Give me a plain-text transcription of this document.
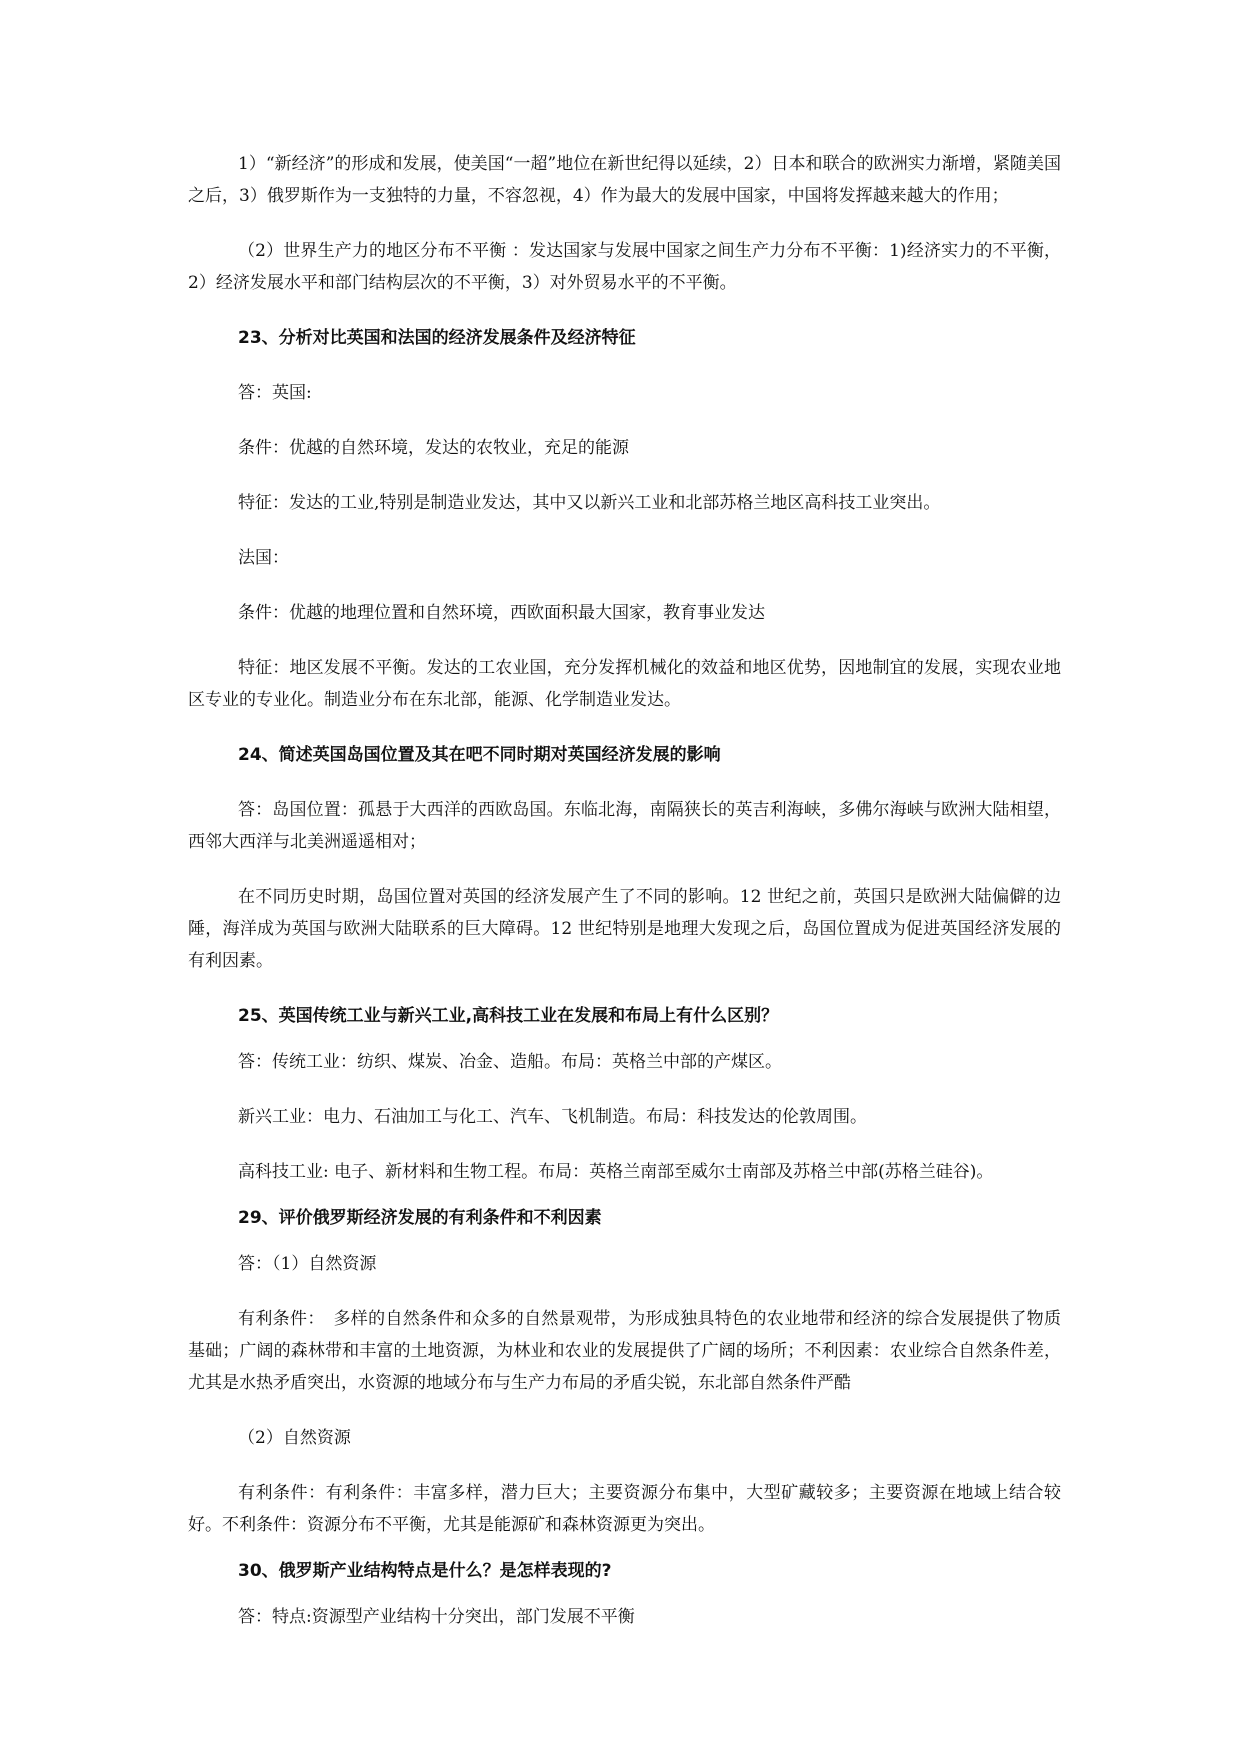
1）“新经济”的形成和发展，使美国“一超”地位在新世纪得以延续，2）日本和联合的欧洲实力渐增，紧随美国之后，3）俄罗斯作为一支独特的力量，不容忽视，4）作为最大的发展中国家，中国将发挥越来越大的作用；

（2）世界生产力的地区分布不平衡 ：发达国家与发展中国家之间生产力分布不平衡：1)经济实力的不平衡，2）经济发展水平和部门结构层次的不平衡，3）对外贸易水平的不平衡。

23、分析对比英国和法国的经济发展条件及经济特征

答：英国:

条件：优越的自然环境，发达的农牧业，充足的能源

特征：发达的工业,特别是制造业发达，其中又以新兴工业和北部苏格兰地区高科技工业突出。

法国：

条件：优越的地理位置和自然环境，西欧面积最大国家，教育事业发达

特征：地区发展不平衡。发达的工农业国，充分发挥机械化的效益和地区优势，因地制宜的发展，实现农业地区专业的专业化。制造业分布在东北部，能源、化学制造业发达。

24、简述英国岛国位置及其在吧不同时期对英国经济发展的影响

答：岛国位置：孤悬于大西洋的西欧岛国。东临北海，南隔狭长的英吉利海峡，多佛尔海峡与欧洲大陆相望，西邻大西洋与北美洲遥遥相对；

在不同历史时期，岛国位置对英国的经济发展产生了不同的影响。12 世纪之前，英国只是欧洲大陆偏僻的边陲，海洋成为英国与欧洲大陆联系的巨大障碍。12 世纪特别是地理大发现之后，岛国位置成为促进英国经济发展的有利因素。

25、英国传统工业与新兴工业,高科技工业在发展和布局上有什么区别？

答：传统工业：纺织、煤炭、冶金、造船。布局：英格兰中部的产煤区。

新兴工业：电力、石油加工与化工、汽车、飞机制造。布局：科技发达的伦敦周围。

高科技工业: 电子、新材料和生物工程。布局：英格兰南部至威尔士南部及苏格兰中部(苏格兰硅谷)。

29、评价俄罗斯经济发展的有利条件和不利因素

答：（1）自然资源

有利条件：　多样的自然条件和众多的自然景观带，为形成独具特色的农业地带和经济的综合发展提供了物质基础；广阔的森林带和丰富的土地资源，为林业和农业的发展提供了广阔的场所；不利因素：农业综合自然条件差，尤其是水热矛盾突出，水资源的地域分布与生产力布局的矛盾尖锐，东北部自然条件严酷

（2）自然资源

有利条件：有利条件：丰富多样，潜力巨大；主要资源分布集中，大型矿藏较多；主要资源在地域上结合较好。不利条件：资源分布不平衡，尤其是能源矿和森林资源更为突出。

30、俄罗斯产业结构特点是什么？是怎样表现的?

答：特点:资源型产业结构十分突出，部门发展不平衡
